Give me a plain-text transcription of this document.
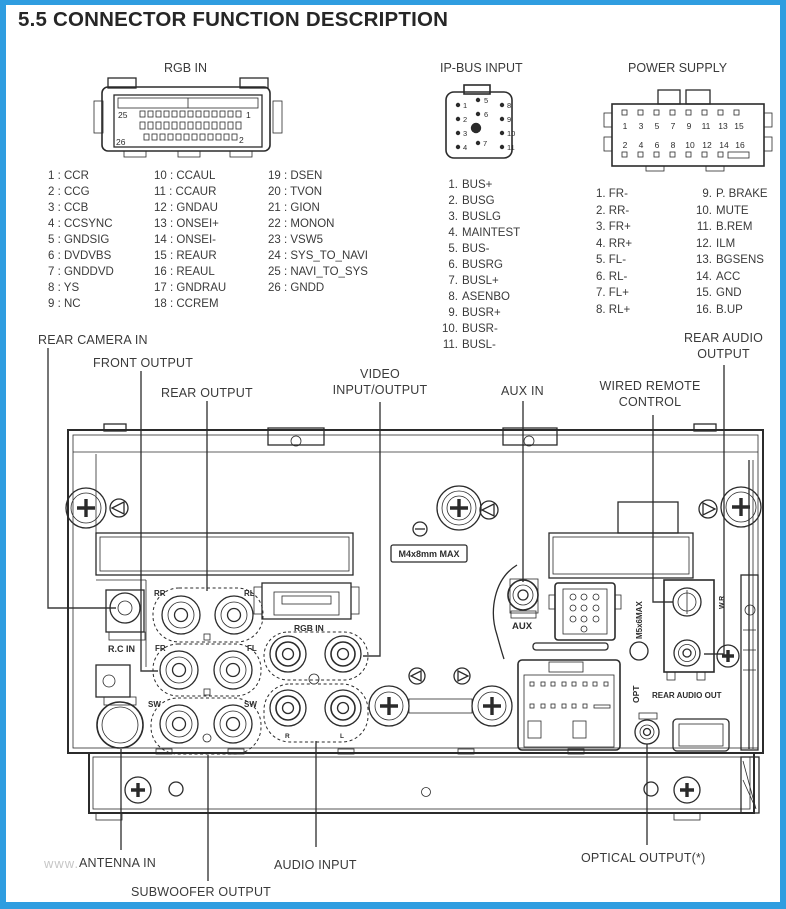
25	1
26	2
1
2
3
4
5
6
7
8
9
10
11
1 3 5 7 9 11 13 15
2 4 6 8 10 12 14 16
M4x8mm MAX
R.C IN
RR	RL
FR	FL
SW	SW
RGB IN
R	L
AUX	M5x6MAX	W.R
REAR AUDIO OUT
OPT
5.5 CONNECTOR FUNCTION DESCRIPTION
RGB IN	IP-BUS INPUT	POWER SUPPLY
1 : CCR
2 : CCG
3 : CCB
4 : CCSYNC
5 : GNDSIG
6 : DVDVBS
7 : GNDDVD
8 : YS
9 : NC
10 : CCAUL
11 : CCAUR
12 : GNDAU
13 : ONSEI+
14 : ONSEI-
15 : REAUR
16 : REAUL
17 : GNDRAU
18 : CCREM
19 : DSEN
20 : TVON
21 : GION
22 : MONON
23 : VSW5
24 : SYS_TO_NAVI
25 : NAVI_TO_SYS
26 : GNDD
1. BUS+
2. BUSG
3. BUSLG
4. MAINTEST
5. BUS-
6. BUSRG
7. BUSL+
8. ASENBO
9. BUSR+
10. BUSR-
11. BUSL-
1. FR-
2. RR-
3. FR+
4. RR+
5. FL-
6. RL-
7. FL+
8. RL+
9. P. BRAKE
10. MUTE
11. B.REM
12. ILM
13. BGSENS
14. ACC
15. GND
16. B.UP
REAR CAMERA IN
FRONT OUTPUT
REAR OUTPUT
VIDEO
INPUT/OUTPUT	AUX IN	WIRED REMOTE
CONTROL
REAR AUDIO
OUTPUT
ANTENNA IN
SUBWOOFER OUTPUT
AUDIO INPUT	OPTICAL OUTPUT(*)
www.
